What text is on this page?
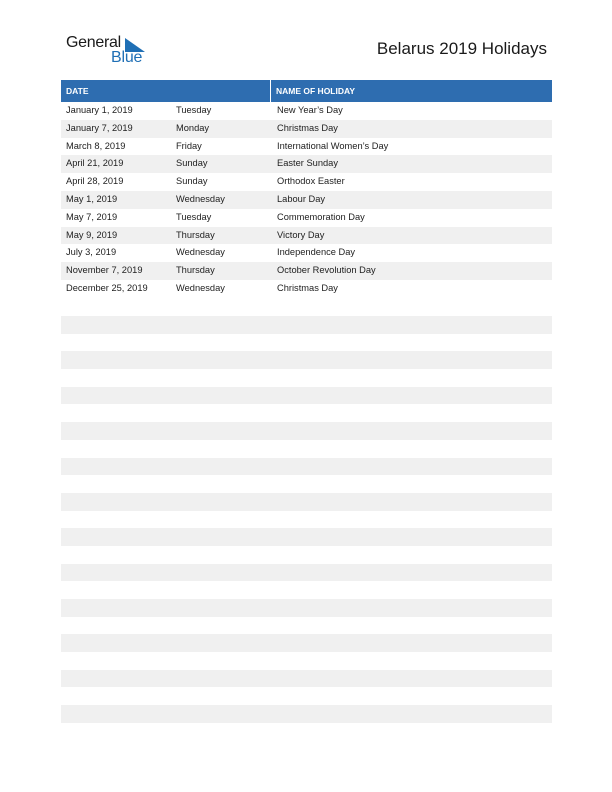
General
Blue	Belarus 2019 Holidays
DATE	NAME OF HOLIDAY
January 1, 2019	Tuesday	New Year’s Day
January 7, 2019	Monday	Christmas Day
March 8, 2019	Friday	International Women’s Day
April 21, 2019	Sunday	Easter Sunday
April 28, 2019	Sunday	Orthodox Easter
May 1, 2019	Wednesday	Labour Day
May 7, 2019	Tuesday	Commemoration Day
May 9, 2019	Thursday	Victory Day
July 3, 2019	Wednesday	Independence Day
November 7, 2019	Thursday	October Revolution Day
December 25, 2019	Wednesday	Christmas Day
